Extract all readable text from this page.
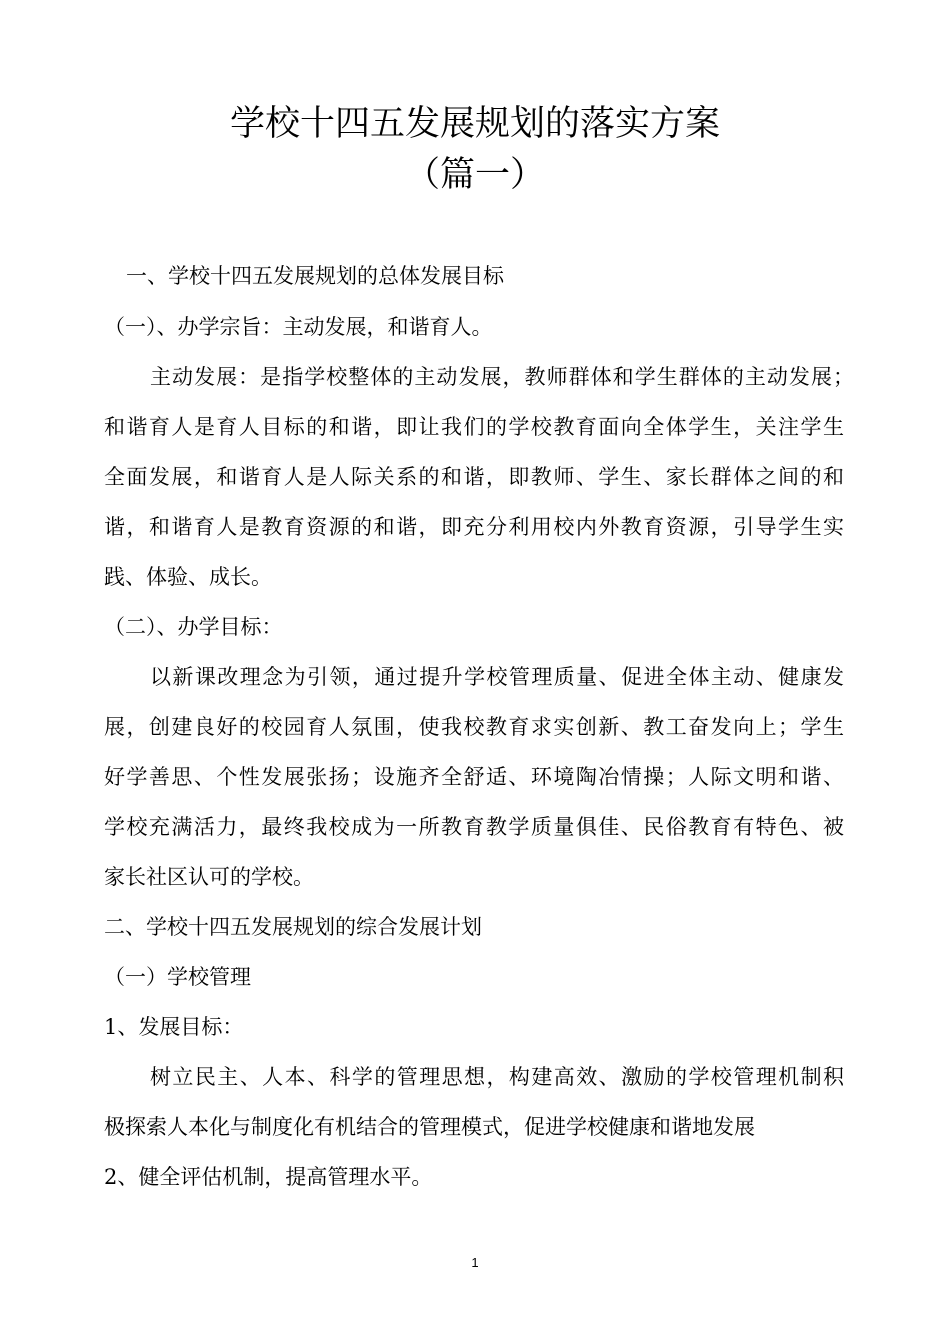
学校十四五发展规划的落实方案
（篇一）
一、学校十四五发展规划的总体发展目标
（一）、办学宗旨：主动发展，和谐育人。
主动发展：是指学校整体的主动发展，教师群体和学生群体的主动发展；
和谐育人是育人目标的和谐，即让我们的学校教育面向全体学生，关注学生
全面发展，和谐育人是人际关系的和谐，即教师、学生、家长群体之间的和
谐，和谐育人是教育资源的和谐，即充分利用校内外教育资源，引导学生实
践、体验、成长。
（二）、办学目标：
以新课改理念为引领，通过提升学校管理质量、促进全体主动、健康发
展，创建良好的校园育人氛围，使我校教育求实创新、教工奋发向上；学生
好学善思、个性发展张扬；设施齐全舒适、环境陶冶情操；人际文明和谐、
学校充满活力，最终我校成为一所教育教学质量俱佳、民俗教育有特色、被
家长社区认可的学校。
二、学校十四五发展规划的综合发展计划
（一）学校管理
1、发展目标：
树立民主、人本、科学的管理思想，构建高效、激励的学校管理机制积
极探索人本化与制度化有机结合的管理模式，促进学校健康和谐地发展
2、健全评估机制，提高管理水平。
1
